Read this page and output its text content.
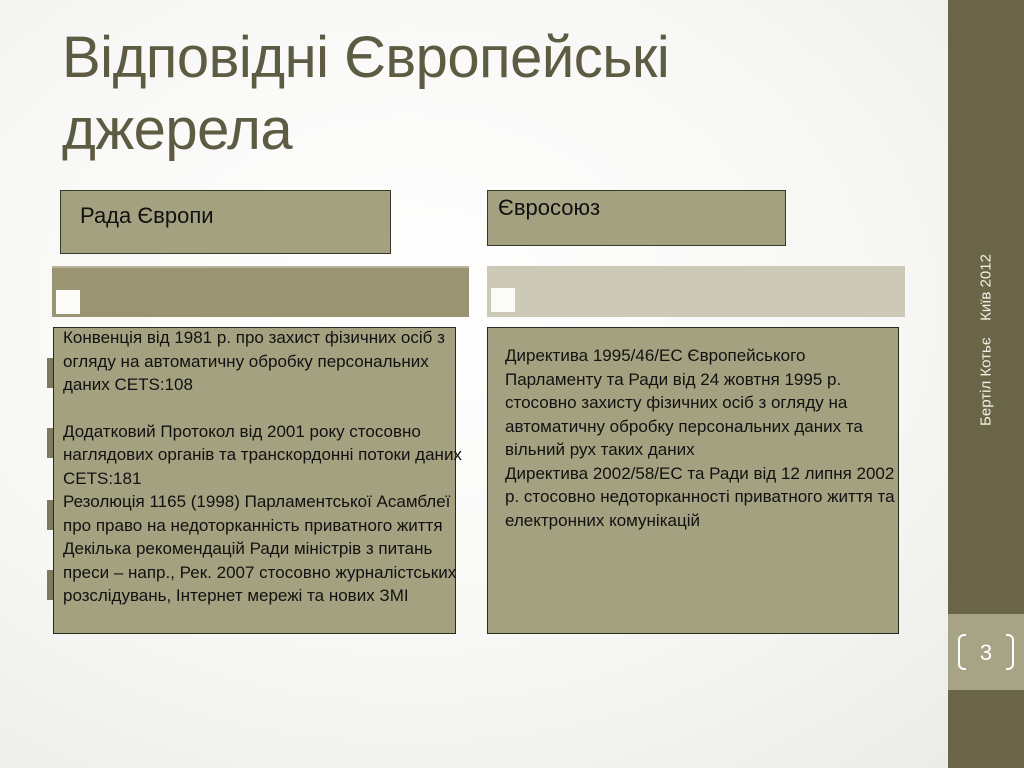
Відповідні Європейські
джерела
Рада Європи	Євросоюз

Конвенція від 1981 р. про захист фізичних осіб з огляду на автоматичну обробку персональних даних CETS:108

Додатковий Протокол від 2001 року стосовно наглядових органів та транскордонні потоки даних CETS:181

Резолюція 1165 (1998) Парламентської Асамблеї про право на недоторканність приватного життя

Декілька рекомендацій Ради міністрів з питань преси – напр., Рек. 2007 стосовно журналістських розслідувань, Інтернет мережі та нових ЗМІ

Директива 1995/46/ЕС Європейського Парламенту та Ради від 24 жовтня 1995 р. стосовно захисту фізичних осіб з огляду на автоматичну обробку персональних даних та вільний рух таких даних

Директива 2002/58/ЕС та Ради від 12 липня 2002 р. стосовно недоторканності приватного життя та електронних комунікацій

Бертіл Котьє    Київ 2012
3
